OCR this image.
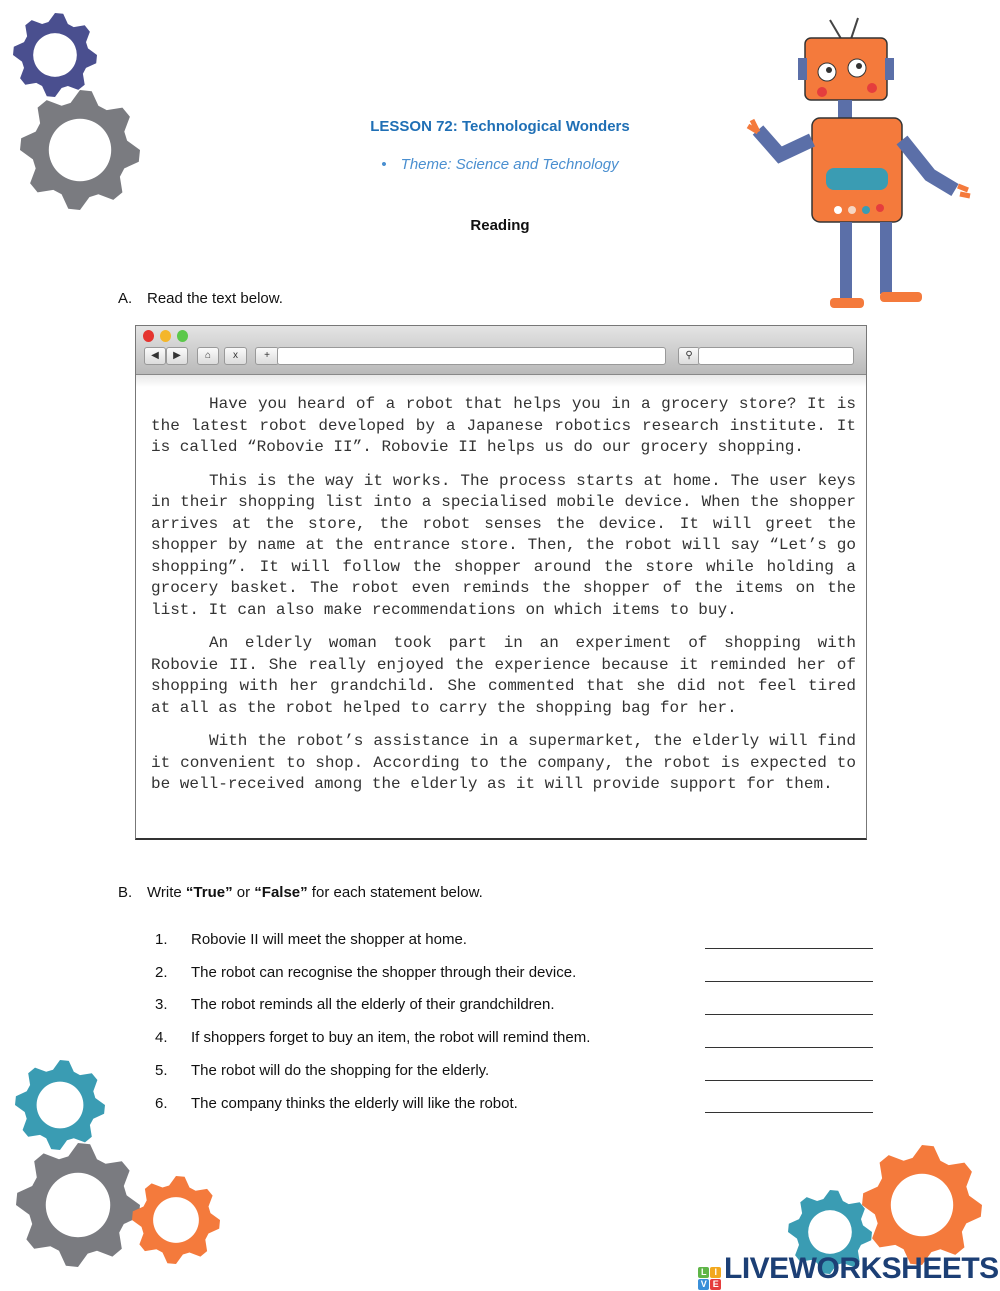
LESSON 72: Technological Wonders
• Theme: Science and Technology
Reading
A. Read the text below.
◀	▶	⌂	x	+	⚲

Have you heard of a robot that helps you in a grocery store? It is the latest robot developed by a Japanese robotics research institute. It is called “Robovie II”. Robovie II helps us do our grocery shopping.

This is the way it works. The process starts at home. The user keys in their shopping list into a specialised mobile device. When the shopper arrives at the store, the robot senses the device. It will greet the shopper by name at the entrance store. Then, the robot will say “Let’s go shopping”. It will follow the shopper around the store while holding a grocery basket. The robot even reminds the shopper of the items on the list. It can also make recommendations on which items to buy.

An elderly woman took part in an experiment of shopping with Robovie II. She really enjoyed the experience because it reminded her of shopping with her grandchild. She commented that she did not feel tired at all as the robot helped to carry the shopping bag for her.

With the robot’s assistance in a supermarket, the elderly will find it convenient to shop. According to the company, the robot is expected to be well-received among the elderly as it will provide support for them.

B. Write “True” or “False” for each statement below.
1. Robovie II will meet the shopper at home.
2. The robot can recognise the shopper through their device.
3. The robot reminds all the elderly of their grandchildren.
4. If shoppers forget to buy an item, the robot will remind them.
5. The robot will do the shopping for the elderly.
6. The company thinks the elderly will like the robot.
L I
V E LIVEWORKSHEETS
